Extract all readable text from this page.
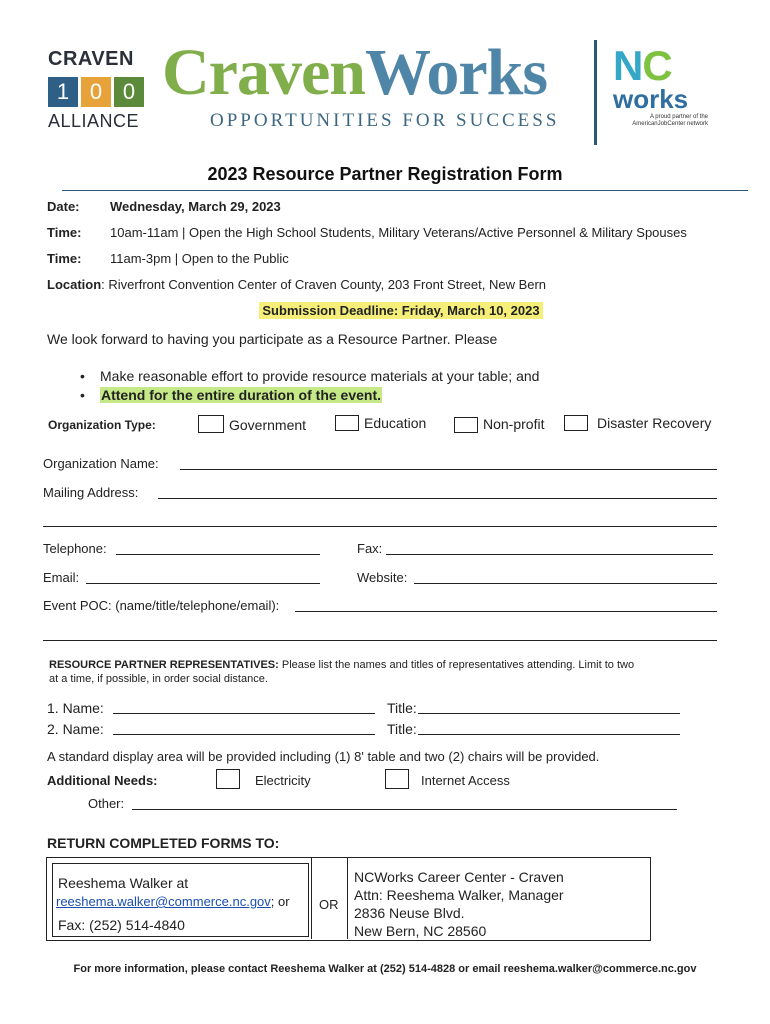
CRAVEN
1 0 0
ALLIANCE
CravenWorks
OPPORTUNITIES FOR SUCCESS
NC
works
A proud partner of the AmericanJobCenter network
2023 Resource Partner Registration Form
Date: Wednesday, March 29, 2023
Time: 10am-11am | Open the High School Students, Military Veterans/Active Personnel & Military Spouses
Time: 11am-3pm | Open to the Public
Location: Riverfront Convention Center of Craven County, 203 Front Street, New Bern
Submission Deadline: Friday, March 10, 2023
We look forward to having you participate as a Resource Partner. Please
• Make reasonable effort to provide resource materials at your table; and
• Attend for the entire duration of the event.
Organization Type:	Government	Education	Non-profit	Disaster Recovery
Organization Name:
Mailing Address:
Telephone:	Fax:
Email:	Website:
Event POC: (name/title/telephone/email):
RESOURCE PARTNER REPRESENTATIVES: Please list the names and titles of representatives attending. Limit to two
at a time, if possible, in order social distance.
1. Name:	Title:
2. Name:	Title:
A standard display area will be provided including (1) 8' table and two (2) chairs will be provided.
Additional Needs:	Electricity	Internet Access
Other:
RETURN COMPLETED FORMS TO:
Reeshema Walker at
reeshema.walker@commerce.nc.gov; or
Fax: (252) 514-4840
OR
NCWorks Career Center - Craven
Attn: Reeshema Walker, Manager
2836 Neuse Blvd.
New Bern, NC 28560
For more information, please contact Reeshema Walker at (252) 514-4828 or email reeshema.walker@commerce.nc.gov
